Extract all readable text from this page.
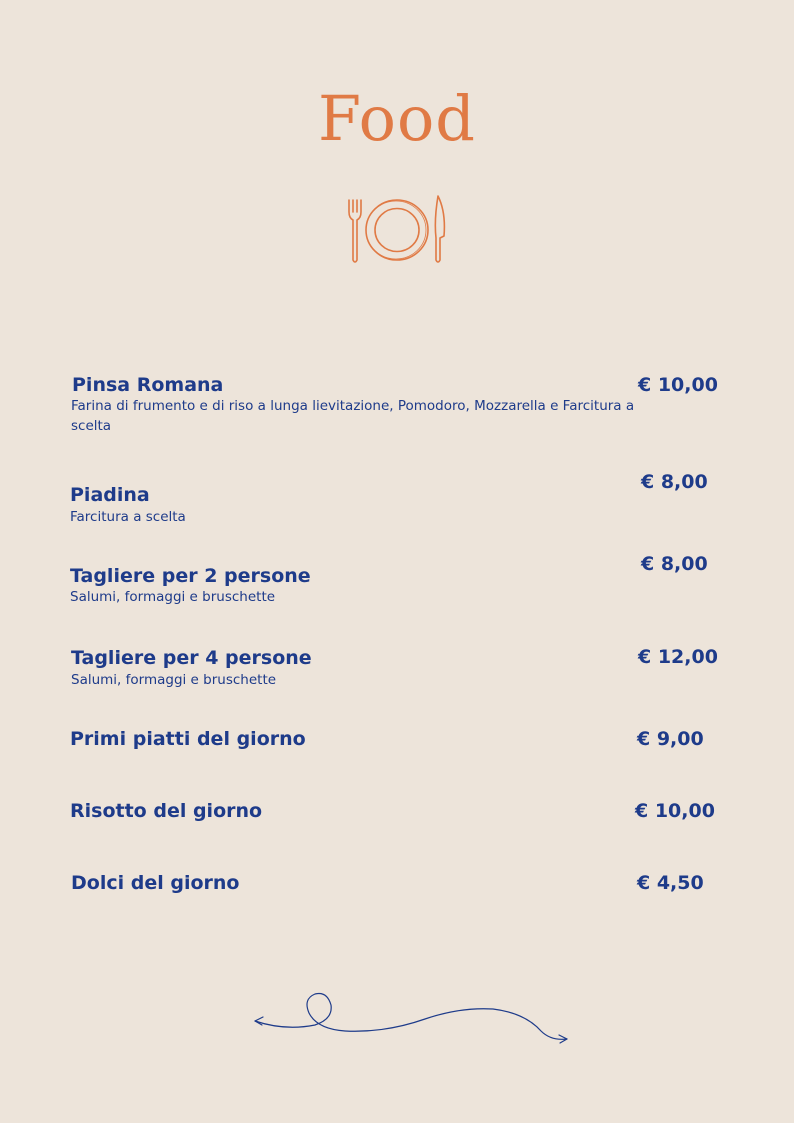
Food
Pinsa Romana
Farina di frumento e di riso a lunga lievitazione, Pomodoro, Mozzarella e Farcitura a scelta
€ 10,00
Piadina
Farcitura a scelta
€ 8,00
Tagliere per 2 persone
Salumi, formaggi e bruschette
€ 8,00
Tagliere per 4 persone
Salumi, formaggi e bruschette
€ 12,00
Primi piatti del giorno	€ 9,00
Risotto del giorno	€ 10,00
Dolci del giorno	€ 4,50
